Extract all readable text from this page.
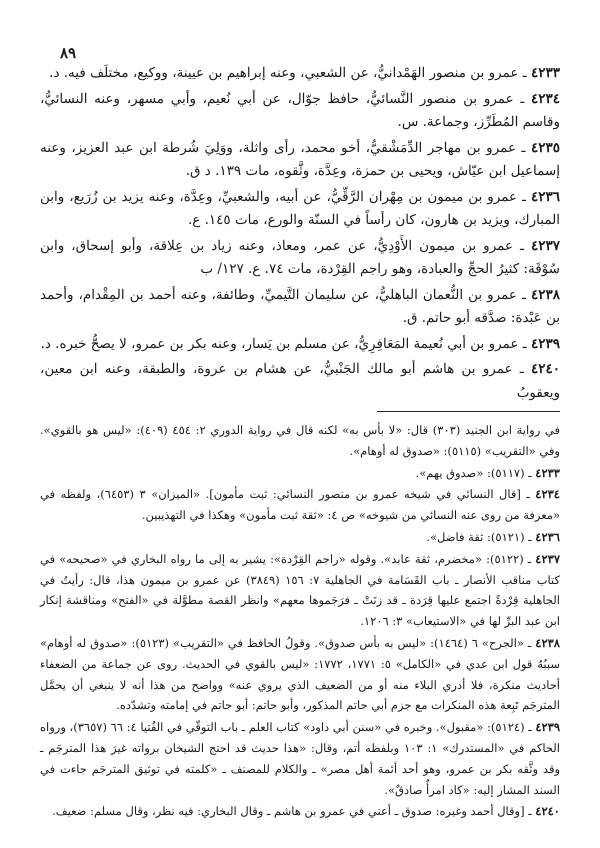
٨٩

٤٢٣٣ ـ عمرو بن منصور الهَمْدانيُّ، عن الشعبي، وعنه إبراهيم بن عيينة، ووكيع، مختلَف فيه. د.

٤٢٣٤ ـ عمرو بن منصور النَّسائيُّ، حافظ جوّال، عن أبي نُعيم، وأبي مسهر، وعنه النسائيُّ، وقاسم المُطَرِّز، وجماعة. س.

٤٢٣٥ ـ عمرو بن مهاجر الدِّمَشْقيُّ، أخو محمد، رأى واثلة، ووَلِيَ شُرطة ابن عبد العزيز، وعنه إسماعيل ابن عيّاش، ويحيى بن حمزة، وعِدَّة، وثَّقوه، مات ١٣٩. د ق.

٤٢٣٦ ـ عمرو بن ميمون بن مِهْران الرَّقِّيُّ، عن أبيه، والشعبيِّ، وعِدَّة، وعنه يزيد بن زُرَيع، وابن المبارك، ويزيد بن هارون، كان رأساً في السنّة والورع، مات ١٤٥. ع.

٤٢٣٧ ـ عمرو بن ميمون الأَوْدِيُّ، عن عمر، ومعاذ، وعنه زياد بن عِلاقة، وأبو إسحاق، وابن سُوْقَة: كثيرُ الحجِّ والعبادة، وهو راجم القِرْدة، مات ٧٤. ع. ١٢٧/ ب

٤٢٣٨ ـ عمرو بن النُّعمان الباهليُّ، عن سليمان التَّيميِّ، وطائفة، وعنه أحمد بن المِقْدام، وأحمد بن عَبْدة: صدَّقه أبو حاتم. ق.

٤٢٣٩ ـ عمرو بن أبي نُعيمة المَعَافِرِيُّ، عن مسلم بن يَسار، وعنه بكر بن عمرو، لا يصحُّ خبره. د.

٤٢٤٠ ـ عمرو بن هاشم أبو مالك الجَنْبيُّ، عن هشام بن عروة، والطبقة، وعنه ابن معين، ويعقوبُ

في رواية ابن الجنيد (٣٠٣) قال: «لا بأس به» لكنه قال في رواية الدوري ٢: ٤٥٤ (٤٠٩): «ليس هو بالقوي». وفي «التقريب» (٥١١٥): «صدوق له أوهام».

٤٢٣٣ ـ (٥١١٧): «صدوق يهم».

٤٢٣٤ ـ [قال النسائي في شيخه عمرو بن منصور النسائي: ثبت مأمون]. «الميزان» ٣ (٦٤٥٣)، ولفظه في «معرفة من روى عنه النسائي من شيوخه» ص ٤: «ثقة ثبت مأمون» وهكذا في التهذيبين.

٤٢٣٦ ـ (٥١٢١): ثقة فاضل».

٤٢٣٧ ـ (٥١٢٢): «مخضرم، ثقة عابد». وقوله «راجم القِرْدة»: يشير به إلى ما رواه البخاري في «صحيحه» في كتاب مناقب الأنصار ـ باب القَسَامة في الجاهلية ٧: ١٥٦ (٣٨٤٩) عن عمرو بن ميمون هذا، قال: رأيتُ في الجاهلية قِرْدةً اجتمع عليها قِرَدة ـ قد زنَتْ ـ فرَجَموها معهم» وانظر القصة مطوَّلة في «الفتح» ومناقشة إنكار ابن عبد البرِّ لها في «الاستيعاب» ٣: ١٢٠٦.

٤٢٣٨ ـ «الجرح» ٦ (١٤٦٤): «ليس به بأس صدوق». وقولُ الحافظ في «التقريب» (٥١٢٣): «صدوق له أوهام» سببُهُ قول ابن عدي في «الكامل» ٥: ١٧٧١، ١٧٧٢: «ليس بالقوي في الحديث. روى عن جماعة من الضعفاء أحاديث منكرة، فلا أدري البلاء منه أو من الضعيف الذي يروي عنه» وواضح من هذا أنه لا ينبغي أن يحمَّل المترجَم تَبِعة هذه المنكرات مع جزم أبي حاتم المذكور، وأبو حاتم: أبو حاتم في إمامته وتشدّده.

٤٢٣٩ ـ (٥١٢٤): «مقبول». وخبره في «سنن أبي داود» كتاب العلم ـ باب التوقّي في الفُتيا ٤: ٦٦ (٣٦٥٧)، ورواه الحاكم في «المستدرك» ١: ١٠٣ وبلفظه أتم، وقال: «هذا حديث قد احتج الشيخان برواته غيرَ هذا المترجَم ـ وقد وثَّقه بكر بن عمرو، وهو أحد أئمة أهل مصر» ـ والكلام للمصنف ـ «كلمته في توثيق المترجَم جاءت في السند المشار إليه: «كاد امرأٌ صادقٌ».

٤٢٤٠ ـ [وقال أحمد وغيره: صدوق ـ أعني في عمرو بن هاشم ـ وقال البخاري: فيه نظر، وقال مسلم: ضعيف.
